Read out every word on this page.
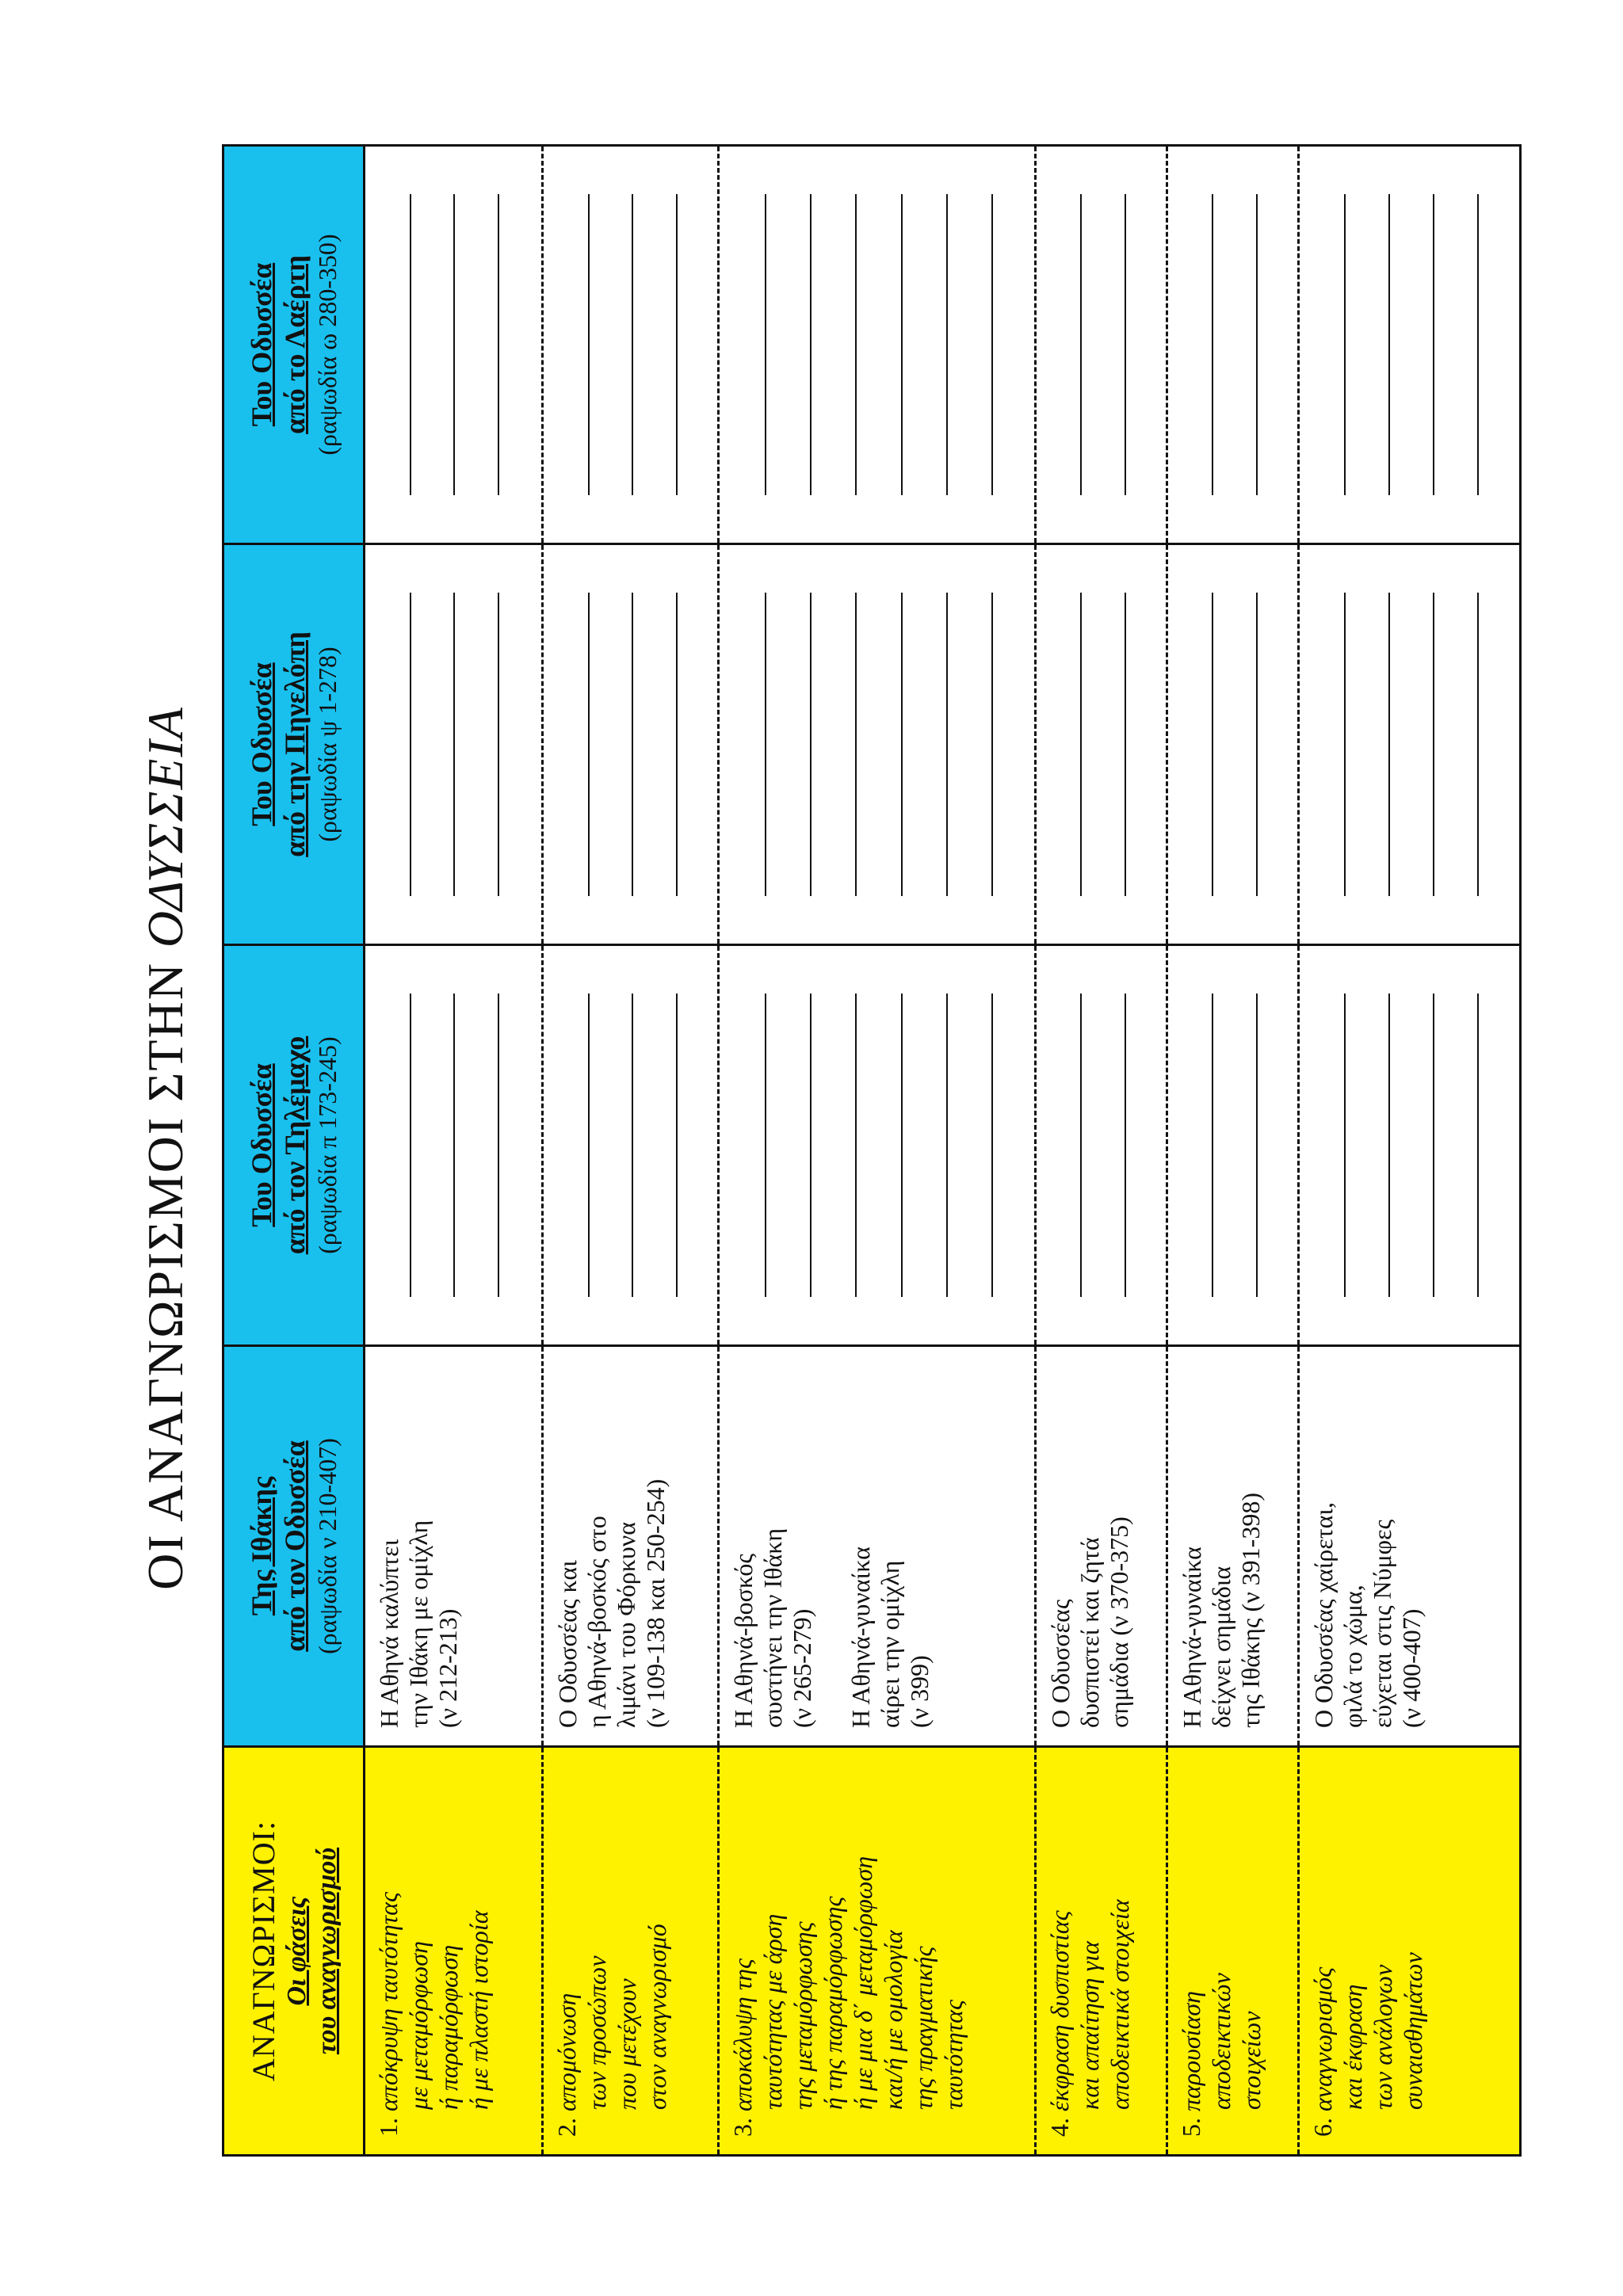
ΟΙ ΑΝΑΓΝΩΡΙΣΜΟΙ ΣΤΗΝ ΟΔΥΣΣΕΙΑ
ΑΝΑΓΝΩΡΙΣΜΟΙ: Οι φάσεις του αναγνωρισμού
1. απόκρυψη ταυτότητας με μεταμόρφωση ή παραμόρφωση ή με πλαστή ιστορία
2. απομόνωση των προσώπων που μετέχουν στον αναγνωρισμό
3. αποκάλυψη της ταυτότητας με άρση της μεταμόρφωσης ή της παραμόρφωσης ή με μια δ΄ μεταμόρφωση και/ή με ομολογία της πραγματικής ταυτότητας
4. έκφραση δυσπιστίας και απαίτηση για αποδεικτικά στοιχεία
5. παρουσίαση αποδεικτικών στοιχείων
6. αναγνωρισμός και έκφραση των ανάλογων συναισθημάτων
Της Ιθάκης από τον Οδυσσέα (ραψωδία ν 210-407) Η Αθηνά καλύπτει την Ιθάκη με ομίχλη (ν 212-213)	Ο Οδυσσέας και η Αθηνά-βοσκός στο λιμάνι του Φόρκυνα (ν 109-138 και 250-254) Η Αθηνά-βοσκός συστήνει την Ιθάκη (ν 265-279)
Η Αθηνά-γυναίκα αίρει την ομίχλη (ν 399)	Ο Οδυσσέας δυσπιστεί και ζητά σημάδια (ν 370-375) Η Αθηνά-γυναίκα δείχνει σημάδια της Ιθάκης (ν 391-398) Ο Οδυσσέας χαίρεται, φιλά το χώμα, εύχεται στις Νύμφες (ν 400-407)
Του Οδυσσέα από τον Τηλέμαχο (ραψωδία π 173-245)
Του Οδυσσέα από την Πηνελόπη (ραψωδία ψ 1-278)
Του Οδυσσέα από το Λαέρτη (ραψωδία ω 280-350)
